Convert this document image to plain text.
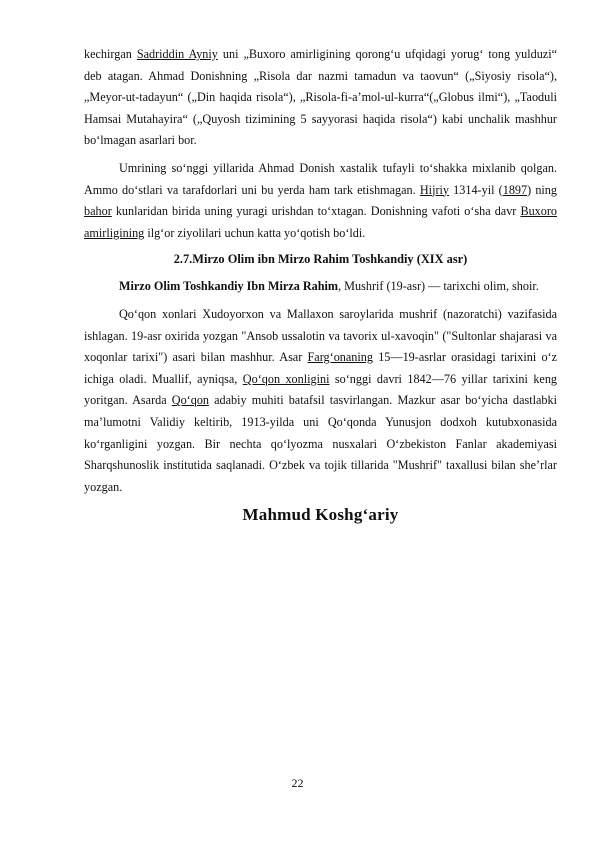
kechirgan Sadriddin Ayniy uni „Buxoro amirligining qorong‘u ufqidagi yorug‘ tong yulduzi“ deb atagan. Ahmad Donishning „Risola dar nazmi tamadun va taovun“ („Siyosiy risola“), „Meyor-ut-tadayun“ („Din haqida risola“), „Risola-fi-aʼmol-ul-kurra“(„Globus ilmi“), „Taoduli Hamsai Mutahayira“ („Quyosh tizimining 5 sayyorasi haqida risola“) kabi unchalik mashhur boʻlmagan asarlari bor.

Umrining soʻnggi yillarida Ahmad Donish xastalik tufayli toʻshakka mixlanib qolgan. Ammo doʻstlari va tarafdorlari uni bu yerda ham tark etishmagan. Hijriy 1314-yil (1897) ning bahor kunlaridan birida uning yuragi urishdan toʻxtagan. Donishning vafoti oʻsha davr Buxoro amirligining ilgʻor ziyolilari uchun katta yoʻqotish boʻldi.

2.7.Mirzo Olim ibn Mirzo Rahim Toshkandiy (XIX asr)

Mirzo Olim Toshkandiy Ibn Mirza Rahim, Mushrif (19-asr) — tarixchi olim, shoir.

Qoʻqon xonlari Xudoyorxon va Mallaxon saroylarida mushrif (nazoratchi) vazifasida ishlagan. 19-asr oxirida yozgan "Ansob ussalotin va tavorix ul-xavoqin" ("Sultonlar shajarasi va xoqonlar tarixi") asari bilan mashhur. Asar Fargʻonaning 15—19-asrlar orasidagi tarixini oʻz ichiga oladi. Muallif, ayniqsa, Qoʻqon xonligini soʻnggi davri 1842—76 yillar tarixini keng yoritgan. Asarda Qoʻqon adabiy muhiti batafsil tasvirlangan. Mazkur asar boʻyicha dastlabki maʼlumotni Validiy keltirib, 1913-yilda uni Qoʻqonda Yunusjon dodxoh kutubxonasida koʻrganligini yozgan. Bir nechta qoʻlyozma nusxalari Oʻzbekiston Fanlar akademiyasi Sharqshunoslik institutida saqlanadi. Oʻzbek va tojik tillarida "Mushrif" taxallusi bilan sheʼrlar yozgan.

Mahmud Koshg‘ariy
22
